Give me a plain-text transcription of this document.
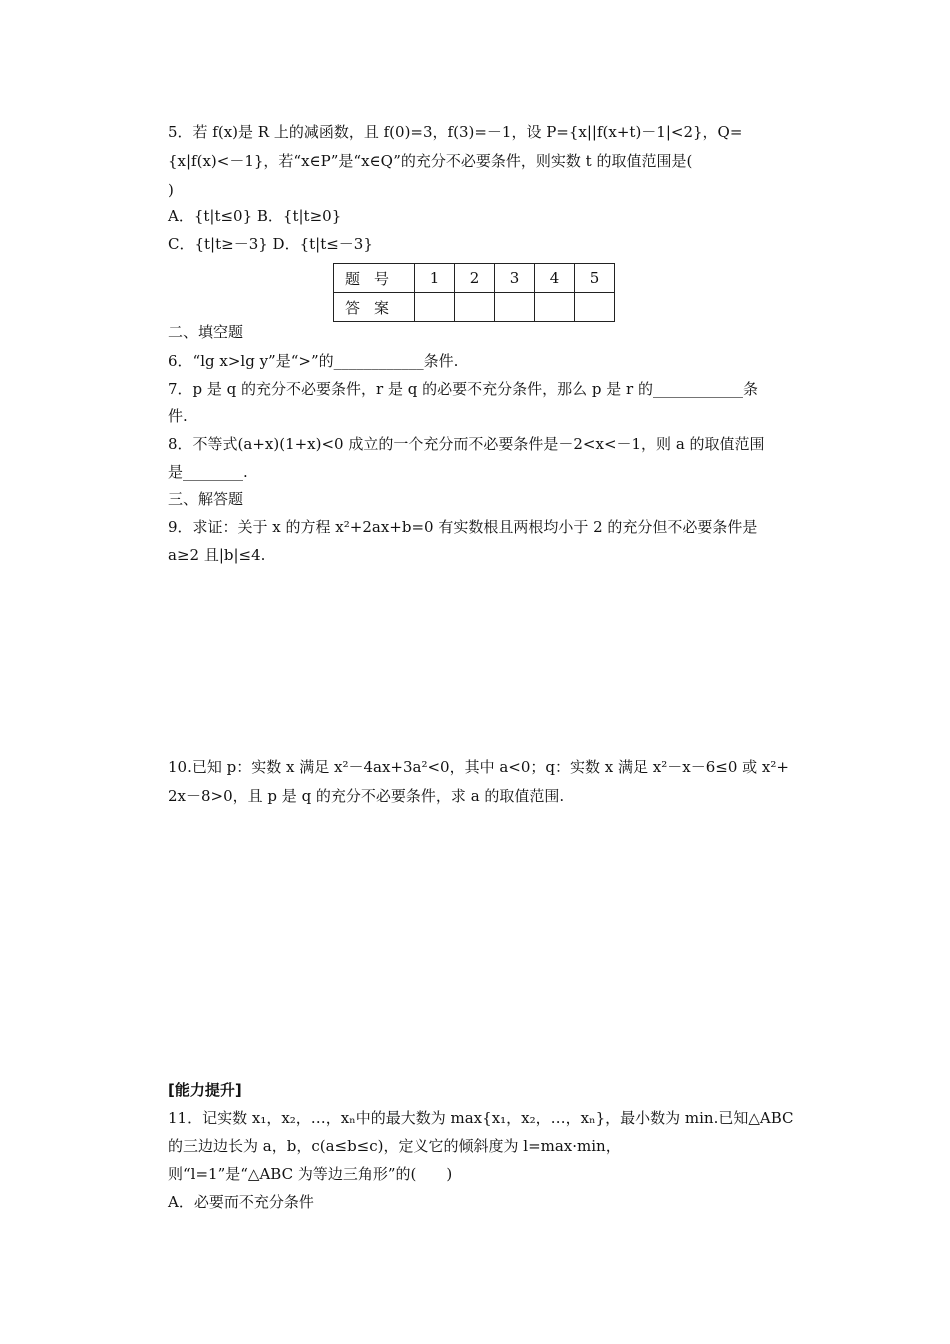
5．若 f(x)是 R 上的减函数，且 f(0)=3，f(3)=－1，设 P={x||f(x+t)－1|<2}，Q=
{x|f(x)<－1}，若“x∈P”是“x∈Q”的充分不必要条件，则实数 t 的取值范围是(
)
A．{t|t≤0} B．{t|t≥0}
C．{t|t≥－3} D．{t|t≤－3}
题号	1	2	3	4	5
答案					
二、填空题
6．“lg x>lg y”是“>”的____________条件.
7．p 是 q 的充分不必要条件，r 是 q 的必要不充分条件，那么 p 是 r 的____________条
件.
8．不等式(a+x)(1+x)<0 成立的一个充分而不必要条件是－2<x<－1，则 a 的取值范围
是________.
三、解答题
9．求证：关于 x 的方程 x²+2ax+b=0 有实数根且两根均小于 2 的充分但不必要条件是
a≥2 且|b|≤4.
10.已知 p：实数 x 满足 x²－4ax+3a²<0，其中 a<0；q：实数 x 满足 x²－x－6≤0 或 x²+
2x－8>0，且 p 是 q 的充分不必要条件，求 a 的取值范围.
[能力提升]
11．记实数 x₁，x₂，…，xₙ中的最大数为 max{x₁，x₂，…，xₙ}，最小数为 min.已知△ABC
的三边边长为 a，b，c(a≤b≤c)，定义它的倾斜度为 l=max·min，
则“l=1”是“△ABC 为等边三角形”的(　　)
A．必要而不充分条件
